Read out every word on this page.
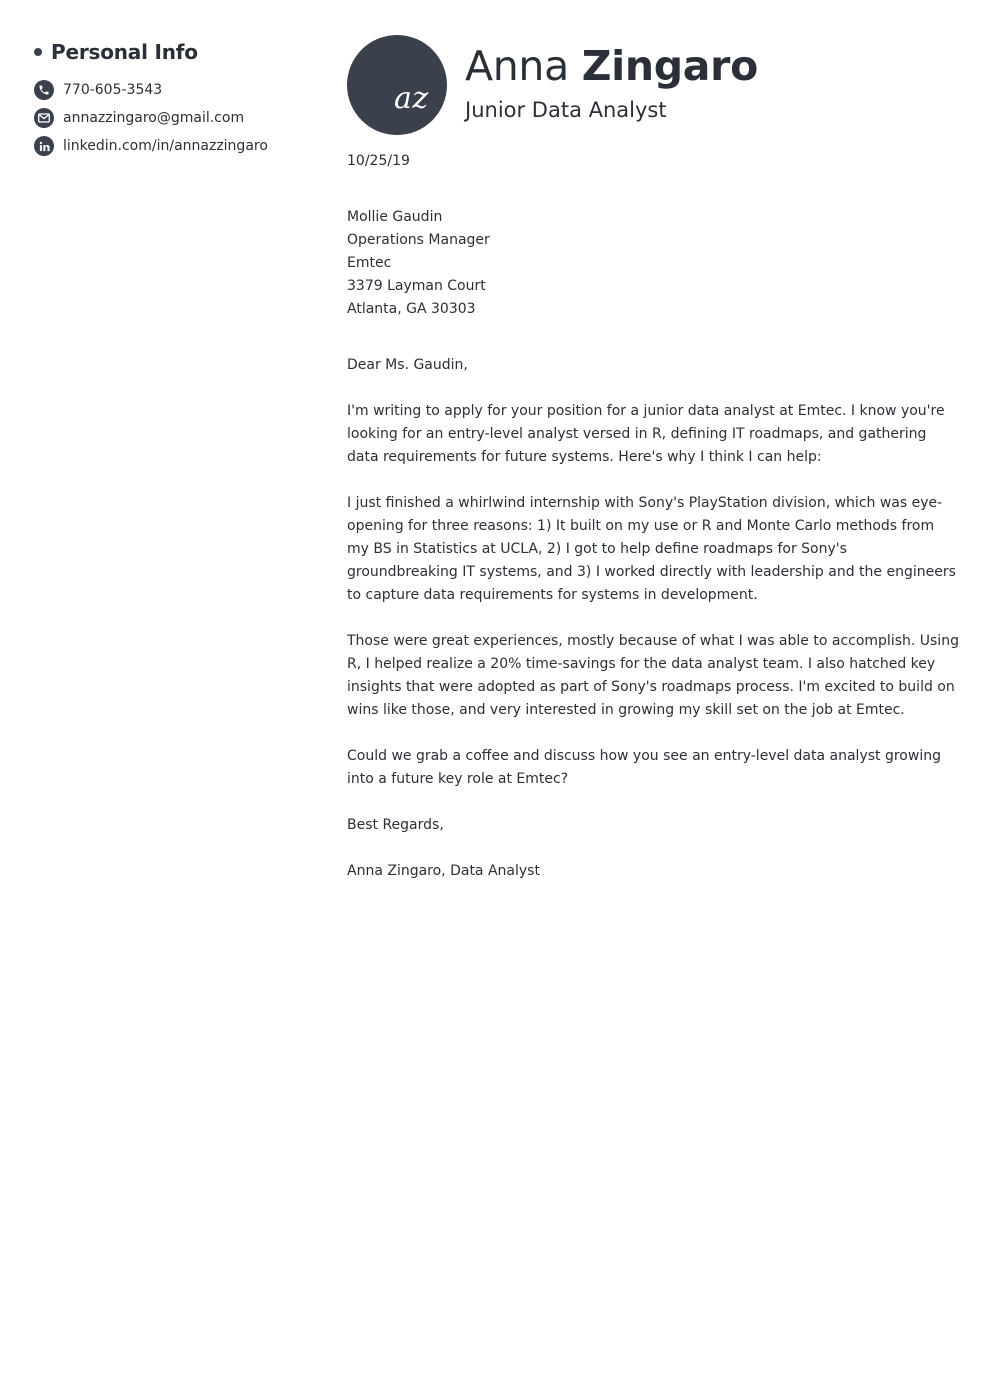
Personal Info
770-605-3543
annazzingaro@gmail.com
linkedin.com/in/annazzingaro
az
Anna Zingaro
Junior Data Analyst

10/25/19

Mollie Gaudin
Operations Manager
Emtec
3379 Layman Court
Atlanta, GA 30303

Dear Ms. Gaudin,

I'm writing to apply for your position for a junior data analyst at Emtec. I know you're looking for an entry-level analyst versed in R, defining IT roadmaps, and gathering data requirements for future systems. Here's why I think I can help:

I just finished a whirlwind internship with Sony's PlayStation division, which was eye-opening for three reasons: 1) It built on my use or R and Monte Carlo methods from my BS in Statistics at UCLA, 2) I got to help define roadmaps for Sony's groundbreaking IT systems, and 3) I worked directly with leadership and the engineers to capture data requirements for systems in development.

Those were great experiences, mostly because of what I was able to accomplish. Using R, I helped realize a 20% time-savings for the data analyst team. I also hatched key insights that were adopted as part of Sony's roadmaps process. I'm excited to build on wins like those, and very interested in growing my skill set on the job at Emtec.

Could we grab a coffee and discuss how you see an entry-level data analyst growing into a future key role at Emtec?

Best Regards,

Anna Zingaro, Data Analyst
